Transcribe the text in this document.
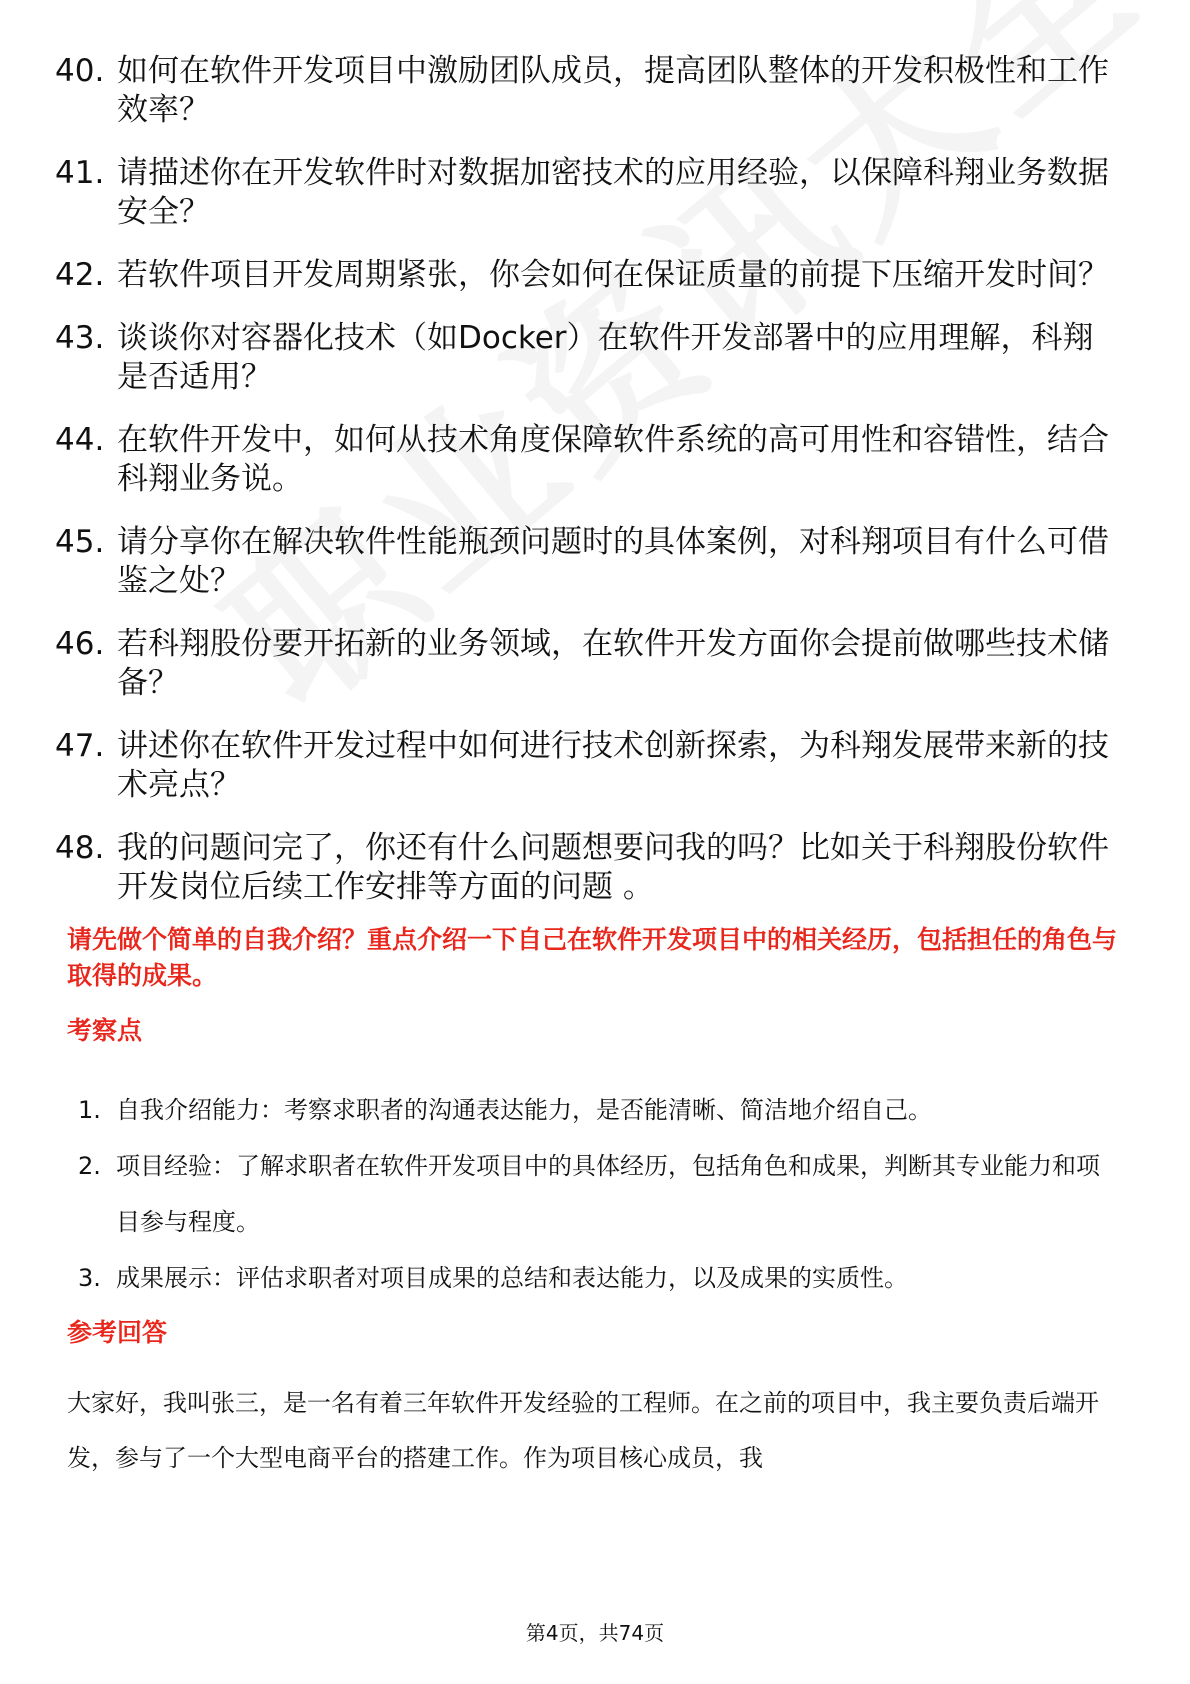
40. 如何在软件开发项目中激励团队成员，提高团队整体的开发积极性和工作效率？
41. 请描述你在开发软件时对数据加密技术的应用经验，以保障科翔业务数据安全？
42. 若软件项目开发周期紧张，你会如何在保证质量的前提下压缩开发时间？
43. 谈谈你对容器化技术（如Docker）在软件开发部署中的应用理解，科翔是否适用？
44. 在软件开发中，如何从技术角度保障软件系统的高可用性和容错性，结合科翔业务说。
45. 请分享你在解决软件性能瓶颈问题时的具体案例，对科翔项目有什么可借鉴之处？
46. 若科翔股份要开拓新的业务领域，在软件开发方面你会提前做哪些技术储备？
47. 讲述你在软件开发过程中如何进行技术创新探索，为科翔发展带来新的技术亮点？
48. 我的问题问完了，你还有什么问题想要问我的吗？比如关于科翔股份软件开发岗位后续工作安排等方面的问题 。

请先做个简单的自我介绍？重点介绍一下自己在软件开发项目中的相关经历，包括担任的角色与取得的成果。

考察点
1. 自我介绍能力：考察求职者的沟通表达能力，是否能清晰、简洁地介绍自己。
2. 项目经验：了解求职者在软件开发项目中的具体经历，包括角色和成果，判断其专业能力和项目参与程度。
3. 成果展示：评估求职者对项目成果的总结和表达能力，以及成果的实质性。
参考回答

大家好，我叫张三，是一名有着三年软件开发经验的工程师。在之前的项目中，我主要负责后端开发，参与了一个大型电商平台的搭建工作。作为项目核心成员，我

第4页，共74页
